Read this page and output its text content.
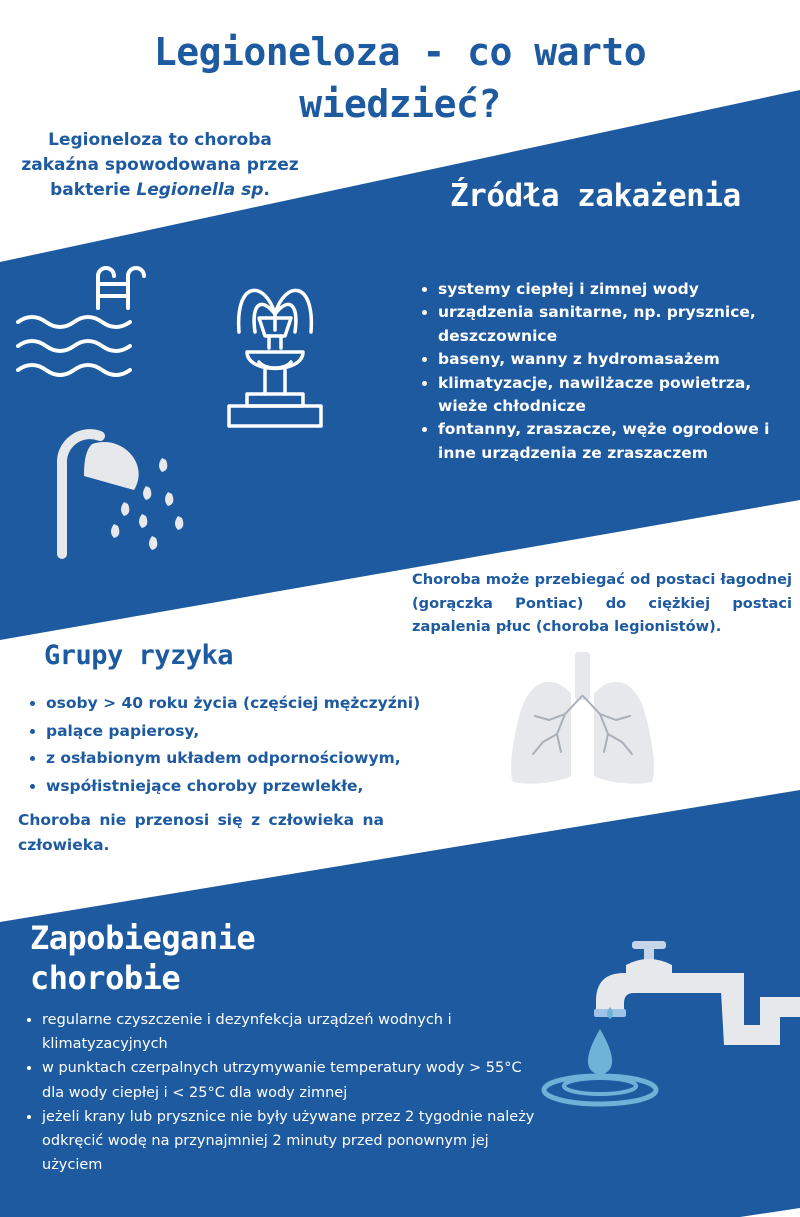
Legioneloza - co warto wiedzieć?
Legioneloza to choroba zakaźna spowodowana przez bakterie Legionella sp.	Źródła zakażenia
• systemy ciepłej i zimnej wody
• urządzenia sanitarne, np. prysznice, deszczownice
• baseny, wanny z hydromasażem
• klimatyzacje, nawilżacze powietrza, wieże chłodnicze
• fontanny, zraszacze, węże ogrodowe i inne urządzenia ze zraszaczem
Choroba może przebiegać od postaci łagodnej (gorączka Pontiac) do ciężkiej postaci zapalenia płuc (choroba legionistów).
Grupy ryzyka
• osoby > 40 roku życia (częściej mężczyźni)
• palące papierosy,
• z osłabionym układem odpornościowym,
• współistniejące choroby przewlekłe,
Choroba nie przenosi się z człowieka na człowieka.
Zapobieganie
chorobie
• regularne czyszczenie i dezynfekcja urządzeń wodnych i klimatyzacyjnych
• w punktach czerpalnych utrzymywanie temperatury wody > 55°C dla wody ciepłej i < 25°C dla wody zimnej
• jeżeli krany lub prysznice nie były używane przez 2 tygodnie należy odkręcić wodę na przynajmniej 2 minuty przed ponownym jej użyciem
Powiatowa Stacja Sanitarno-Epidemiolgiczna w Strzelcach Opolskich
